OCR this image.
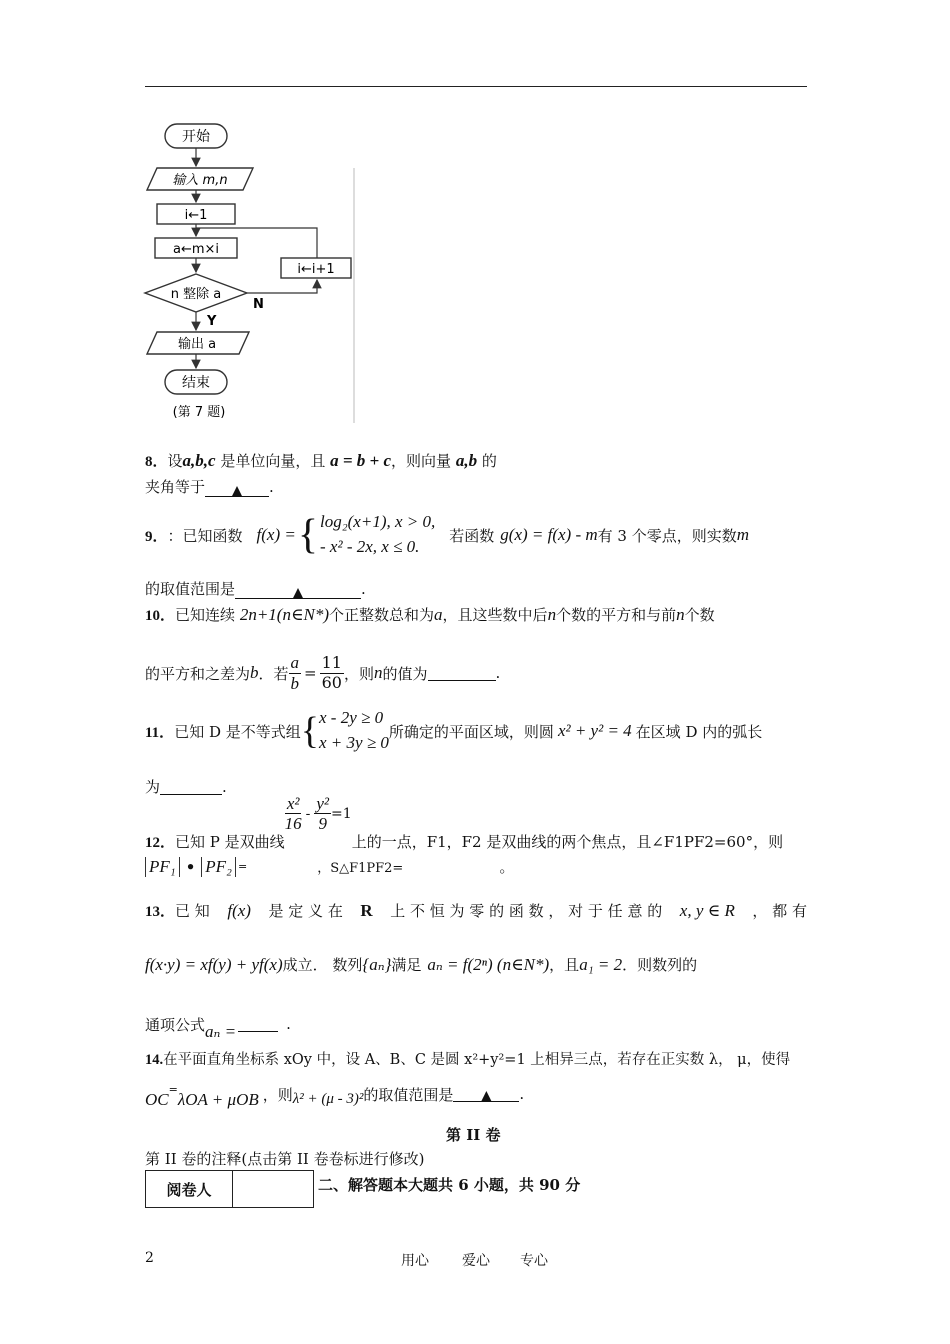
开始
输入 m,n
i←1
a←m×i
n 整除 a
N
i←i+1
Y
输出 a
结束
(第 7 题)
8．设a,b,c 是单位向量，且 a = b + c，则向量 a,b 的
夹角等于 ▲ .
9． ：已知函数 f(x) = { log₂(x+1), x > 0,
- x² - 2x, x ≤ 0.
若函数 g(x) = f(x) - m 有 3 个零点，则实数 m
的取值范围是	▲	.
10．已知连续 2n+1(n∈N*)个正整数总和为a，且这些数中后n个数的平方和与前n个数
的平方和之差为 b ．若 $\frac{a}{b} = \frac{11}{60}$ ，则 n 的值为	.
11． 已知 D 是不等式组 { x - 2y ≥ 0
x + 3y ≥ 0
所确定的平面区域，则圆 x² + y² = 4 在区域 D 内的弧长
为	.
12． 已知 P 是双曲线
$\frac{\text{x²}}{16} - \frac{\text{y²}}{9} =1$
上的一点，F1，F2 是双曲线的两个焦点，且∠F1PF2=60°，则
PF₁ • PF₂ =	，S△F1PF2=	。
13．已 知 f(x) 是 定 义 在 R 上 不 恒 为 零 的 函 数 ， 对 于 任 意 的 x, y ∈ R ， 都 有
f(x·y) = xf(y) + yf(x) 成立． 数列 {aₙ} 满足 aₙ = f(2ⁿ) (n∈N*) ，且 a₁ = 2 ．则数列的
通项公式 aₙ =	.
14.在平面直角坐标系 xOy 中，设 A、B、C 是圆 x²+y²=1 上相异三点，若存在正实数 λ， μ，使得
OC
=
λOA + μOB ，则 λ² + (μ - 3)² 的取值范围是	▲	.
第 II 卷
第 II 卷的注释(点击第 II 卷卷标进行修改)
阅卷人		二、解答题本大题共 6 小题，共 90 分
2	用心 爱心 专心
